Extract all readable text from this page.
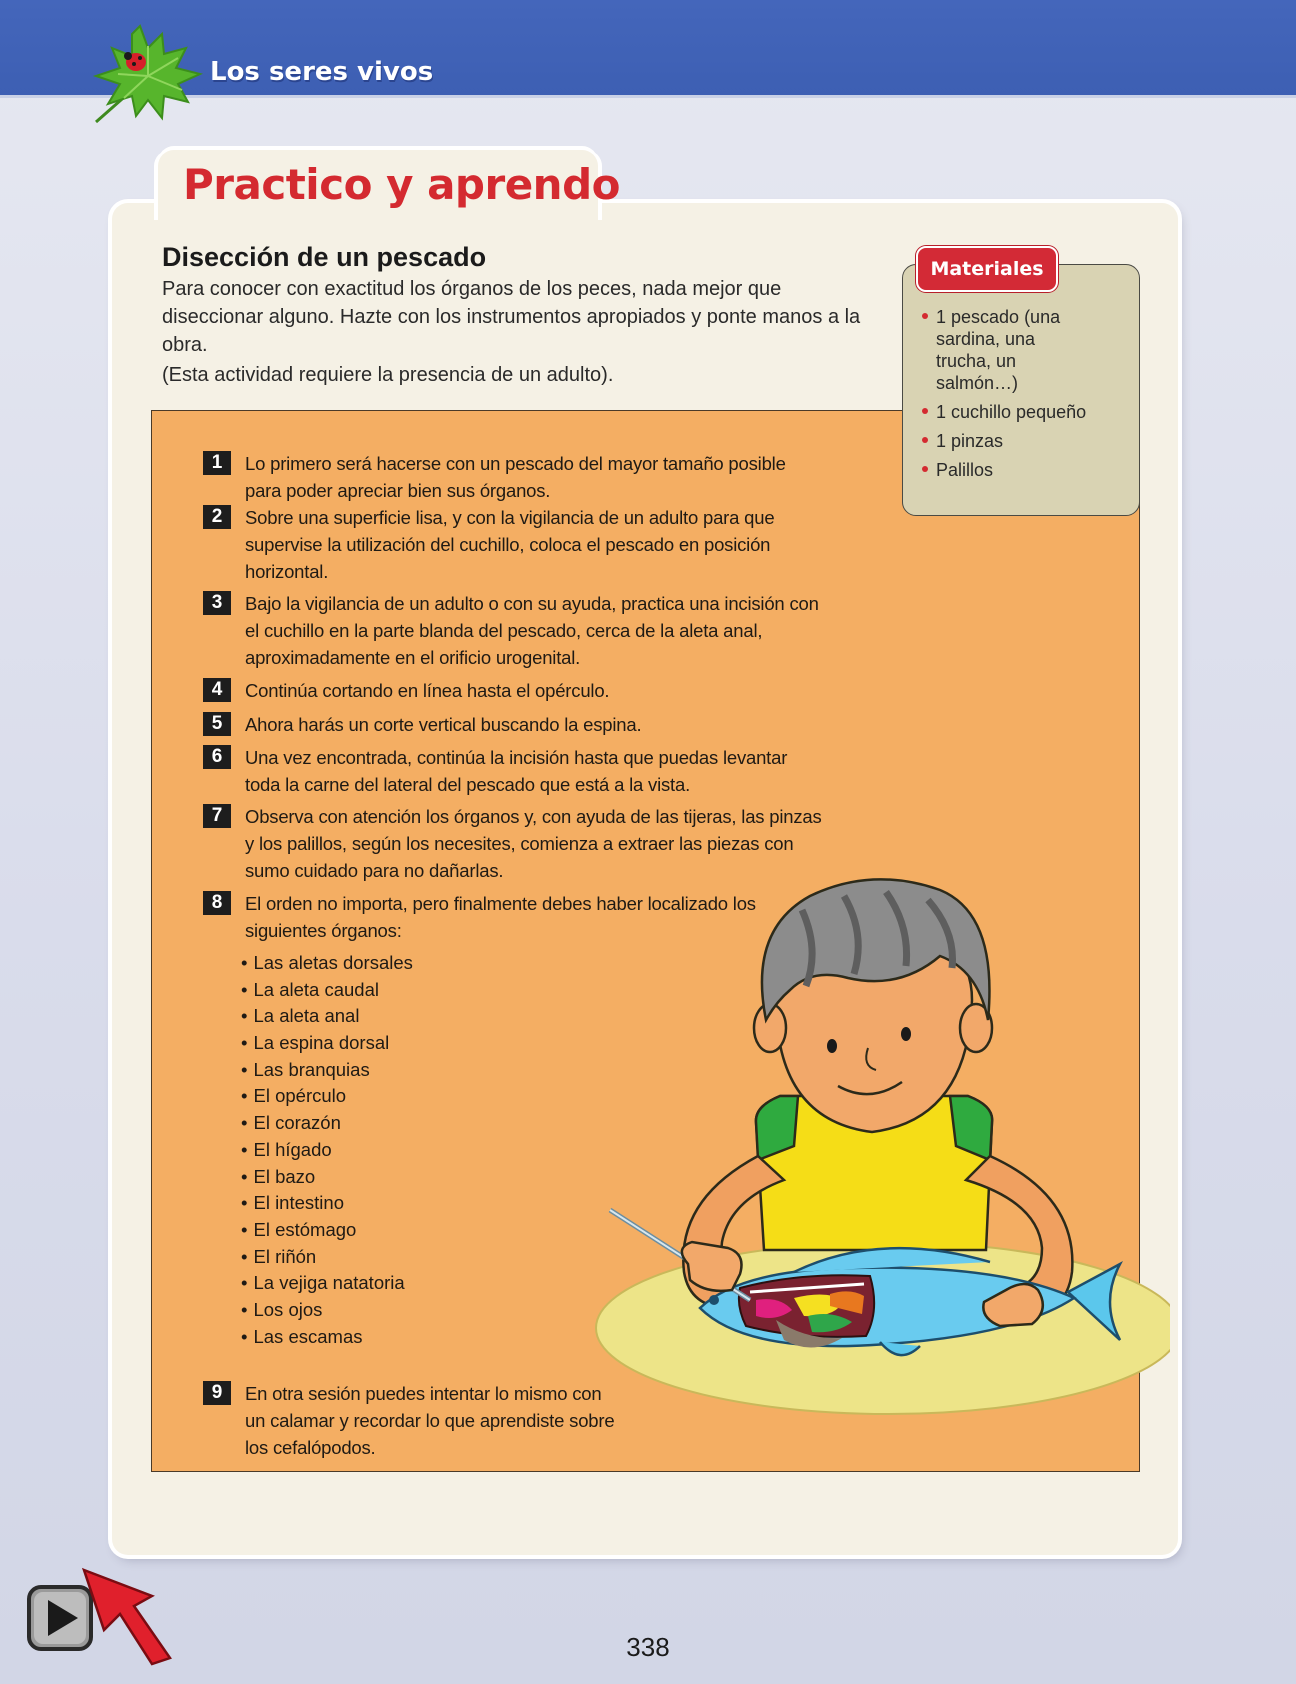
Los seres vivos
Practico y aprendo
Disección de un pescado
Para conocer con exactitud los órganos de los peces, nada mejor que diseccionar alguno. Hazte con los instrumentos apropiados y ponte manos a la obra.
(Esta actividad requiere la presencia de un adulto).
Materiales
1 pescado (una sardina, una trucha, un salmón…)
1 cuchillo pequeño
1 pinzas
Palillos
1	Lo primero será hacerse con un pescado del mayor tamaño posible para poder apreciar bien sus órganos.
2	Sobre una superficie lisa, y con la vigilancia de un adulto para que supervise la utilización del cuchillo, coloca el pescado en posición horizontal.
3	Bajo la vigilancia de un adulto o con su ayuda, practica una incisión con el cuchillo en la parte blanda del pescado, cerca de la aleta anal, aproximadamente en el orificio urogenital.
4	Continúa cortando en línea hasta el opérculo.
5	Ahora harás un corte vertical buscando la espina.
6	Una vez encontrada, continúa la incisión hasta que puedas levantar toda la carne del lateral del pescado que está a la vista.
7	Observa con atención los órganos y, con ayuda de las tijeras, las pinzas y los palillos, según los necesites, comienza a extraer las piezas con sumo cuidado para no dañarlas.
8	El orden no importa, pero finalmente debes haber localizado los siguientes órganos:
• Las aletas dorsales
• La aleta caudal
• La aleta anal
• La espina dorsal
• Las branquias
• El opérculo
• El corazón
• El hígado
• El bazo
• El intestino
• El estómago
• El riñón
• La vejiga natatoria
• Los ojos
• Las escamas
9	En otra sesión puedes intentar lo mismo con un calamar y recordar lo que aprendiste sobre los cefalópodos.
338
